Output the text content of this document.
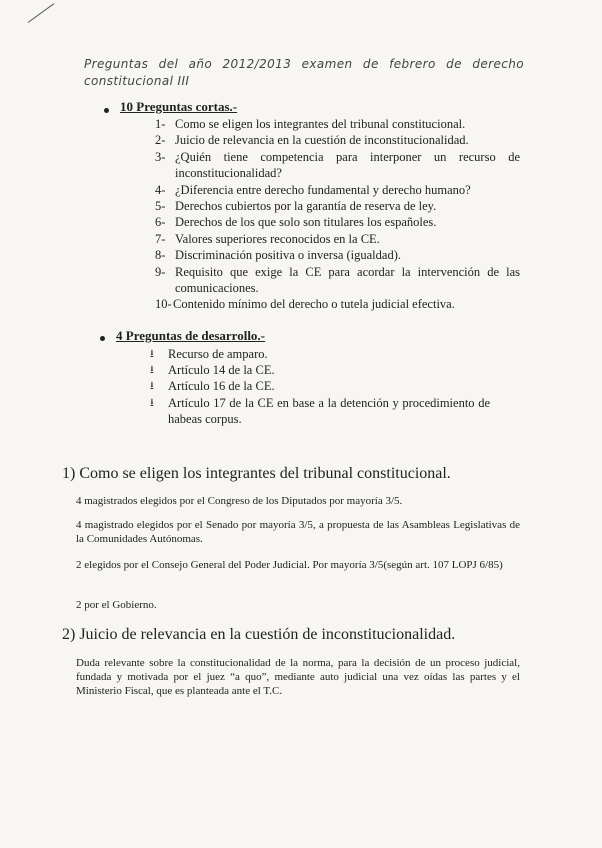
Preguntas del año 2012/2013 examen de febrero de derecho constitucional III
10 Preguntas cortas.-
1- Como se eligen los integrantes del tribunal constitucional.
2- Juicio de relevancia en la cuestión de inconstitucionalidad.
3- ¿Quién tiene competencia para interponer un recurso de inconstitucionalidad?
4- ¿Diferencia entre derecho fundamental y derecho humano?
5- Derechos cubiertos por la garantía de reserva de ley.
6- Derechos de los que solo son titulares los españoles.
7- Valores superiores reconocidos en la CE.
8- Discriminación positiva o inversa (igualdad).
9- Requisito que exige la CE para acordar la intervención de las comunicaciones.
10- Contenido mínimo del derecho o tutela judicial efectiva.
4 Preguntas de desarrollo.-
⭳	Recurso de amparo.
⭳	Artículo 14 de la CE.
⭳	Artículo 16 de la CE.
⭳	Artículo 17 de la CE en base a la detención y procedimiento de habeas corpus.
1) Como se eligen los integrantes del tribunal constitucional.
4 magistrados elegidos por el Congreso de los Diputados por mayoría 3/5.
4 magistrado elegidos por el Senado por mayoría 3/5, a propuesta de las Asambleas Legislativas de la Comunidades Autónomas.
2 elegidos por el Consejo General del Poder Judicial. Por mayoría 3/5(según art. 107 LOPJ 6/85)
2 por el Gobierno.
2) Juicio de relevancia en la cuestión de inconstitucionalidad.
Duda relevante sobre la constitucionalidad de la norma, para la decisión de un proceso judicial, fundada y motivada por el juez “a quo”, mediante auto judicial una vez oídas las partes y el Ministerio Fiscal, que es planteada ante el T.C.
